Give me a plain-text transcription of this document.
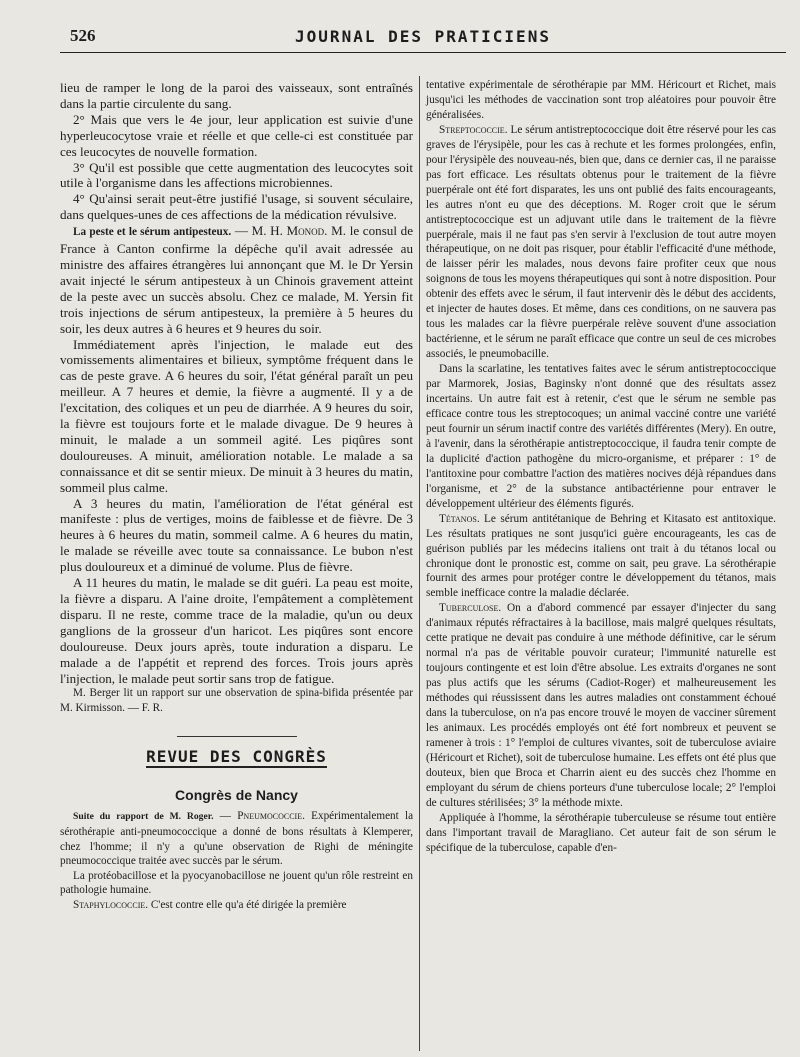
526	JOURNAL DES PRATICIENS

lieu de ramper le long de la paroi des vaisseaux, sont entraînés dans la partie circulente du sang.

2° Mais que vers le 4e jour, leur application est suivie d'une hyperleucocytose vraie et réelle et que celle-ci est constituée par ces leucocytes de nouvelle formation.

3° Qu'il est possible que cette augmentation des leucocytes soit utile à l'organisme dans les affections microbiennes.

4° Qu'ainsi serait peut-être justifié l'usage, si souvent séculaire, dans quelques-unes de ces affections de la médication révulsive.

La peste et le sérum antipesteux. — M. H. Monod. M. le consul de France à Canton confirme la dépêche qu'il avait adressée au ministre des affaires étrangères lui annonçant que M. le Dr Yersin avait injecté le sérum antipesteux à un Chinois gravement atteint de la peste avec un succès absolu. Chez ce malade, M. Yersin fit trois injections de sérum antipesteux, la première à 5 heures du soir, les deux autres à 6 heures et 9 heures du soir.

Immédiatement après l'injection, le malade eut des vomissements alimentaires et bilieux, symptôme fréquent dans le cas de peste grave. A 6 heures du soir, l'état général paraît un peu meilleur. A 7 heures et demie, la fièvre a augmenté. Il y a de l'excitation, des coliques et un peu de diarrhée. A 9 heures du soir, la fièvre est toujours forte et le malade divague. De 9 heures à minuit, le malade a un sommeil agité. Les piqûres sont douloureuses. A minuit, amélioration notable. Le malade a sa connaissance et dit se sentir mieux. De minuit à 3 heures du matin, sommeil plus calme.

A 3 heures du matin, l'amélioration de l'état général est manifeste : plus de vertiges, moins de faiblesse et de fièvre. De 3 heures à 6 heures du matin, sommeil calme. A 6 heures du matin, le malade se réveille avec toute sa connaissance. Le bubon n'est plus douloureux et a diminué de volume. Plus de fièvre.

A 11 heures du matin, le malade se dit guéri. La peau est moite, la fièvre a disparu. A l'aine droite, l'empâtement a complètement disparu. Il ne reste, comme trace de la maladie, qu'un ou deux ganglions de la grosseur d'un haricot. Les piqûres sont encore douloureuse. Deux jours après, toute induration a disparu. Le malade a de l'appétit et reprend des forces. Trois jours après l'injection, le malade peut sortir sans trop de fatigue.

M. Berger lit un rapport sur une observation de spina-bifida présentée par M. Kirmisson. — F. R.

REVUE DES CONGRÈS
Congrès de Nancy

Suite du rapport de M. Roger. — Pneumococcie. Expérimentalement la sérothérapie anti-pneumococcique a donné de bons résultats à Klemperer, chez l'homme; il n'y a qu'une observation de Righi de méningite pneumococcique traitée avec succès par le sérum.

La protéobacillose et la pyocyanobacillose ne jouent qu'un rôle restreint en pathologie humaine.

Staphylococcie. C'est contre elle qu'a été dirigée la première

tentative expérimentale de sérothérapie par MM. Héricourt et Richet, mais jusqu'ici les méthodes de vaccination sont trop aléatoires pour pouvoir être généralisées.

Streptococcie. Le sérum antistreptococcique doit être réservé pour les cas graves de l'érysipèle, pour les cas à rechute et les formes prolongées, enfin, pour l'érysipèle des nouveau-nés, bien que, dans ce dernier cas, il ne paraisse pas fort efficace. Les résultats obtenus pour le traitement de la fièvre puerpérale ont été fort disparates, les uns ont publié des faits encourageants, les autres n'ont eu que des déceptions. M. Roger croit que le sérum antistreptococcique est un adjuvant utile dans le traitement de la fièvre puerpérale, mais il ne faut pas s'en servir à l'exclusion de tout autre moyen thérapeutique, on ne doit pas risquer, pour établir l'efficacité d'une méthode, de laisser périr les malades, nous devons faire profiter ceux que nous soignons de tous les moyens thérapeutiques qui sont à notre disposition. Pour obtenir des effets avec le sérum, il faut intervenir dès le début des accidents, et injecter de hautes doses. Et même, dans ces conditions, on ne sauvera pas tous les malades car la fièvre puerpérale relève souvent d'une association bactérienne, et le sérum ne paraît efficace que contre un seul de ces microbes associés, le pneumobacille.

Dans la scarlatine, les tentatives faites avec le sérum antistreptococcique par Marmorek, Josias, Baginsky n'ont donné que des résultats assez incertains. Un autre fait est à retenir, c'est que le sérum ne semble pas efficace contre tous les streptocoques; un animal vacciné contre une variété peut fournir un sérum inactif contre des variétés différentes (Mery). En outre, à l'avenir, dans la sérothérapie antistreptococcique, il faudra tenir compte de la duplicité d'action pathogène du micro-organisme, et préparer : 1° de l'antitoxine pour combattre l'action des matières nocives déjà répandues dans l'organisme, et 2° de la substance antibactérienne pour entraver le développement ultérieur des éléments figurés.

Tétanos. Le sérum antitétanique de Behring et Kitasato est antitoxique. Les résultats pratiques ne sont jusqu'ici guère encourageants, les cas de guérison publiés par les médecins italiens ont trait à du tétanos local ou chronique dont le pronostic est, comme on sait, peu grave. La sérothérapie fournit des armes pour protéger contre le développement du tétanos, mais semble inefficace contre la maladie déclarée.

Tuberculose. On a d'abord commencé par essayer d'injecter du sang d'animaux réputés réfractaires à la bacillose, mais malgré quelques résultats, cette pratique ne devait pas conduire à une méthode définitive, car le sérum normal n'a pas de véritable pouvoir curateur; l'immunité naturelle est toujours contingente et est loin d'être absolue. Les extraits d'organes ne sont pas plus actifs que les sérums (Cadiot-Roger) et malheureusement les méthodes qui réussissent dans les autres maladies ont constamment échoué dans la tuberculose, on n'a pas encore trouvé le moyen de vacciner sûrement les animaux. Les procédés employés ont été fort nombreux et peuvent se ramener à trois : 1° l'emploi de cultures vivantes, soit de tuberculose aviaire (Héricourt et Richet), soit de tuberculose humaine. Les effets ont été plus que douteux, bien que Broca et Charrin aient eu des succès chez l'homme en employant du sérum de chiens porteurs d'une tuberculose locale; 2° l'emploi de cultures stérilisées; 3° la méthode mixte.

Appliquée à l'homme, la sérothérapie tuberculeuse se résume tout entière dans l'important travail de Maragliano. Cet auteur fait de son sérum le spécifique de la tuberculose, capable d'en-
